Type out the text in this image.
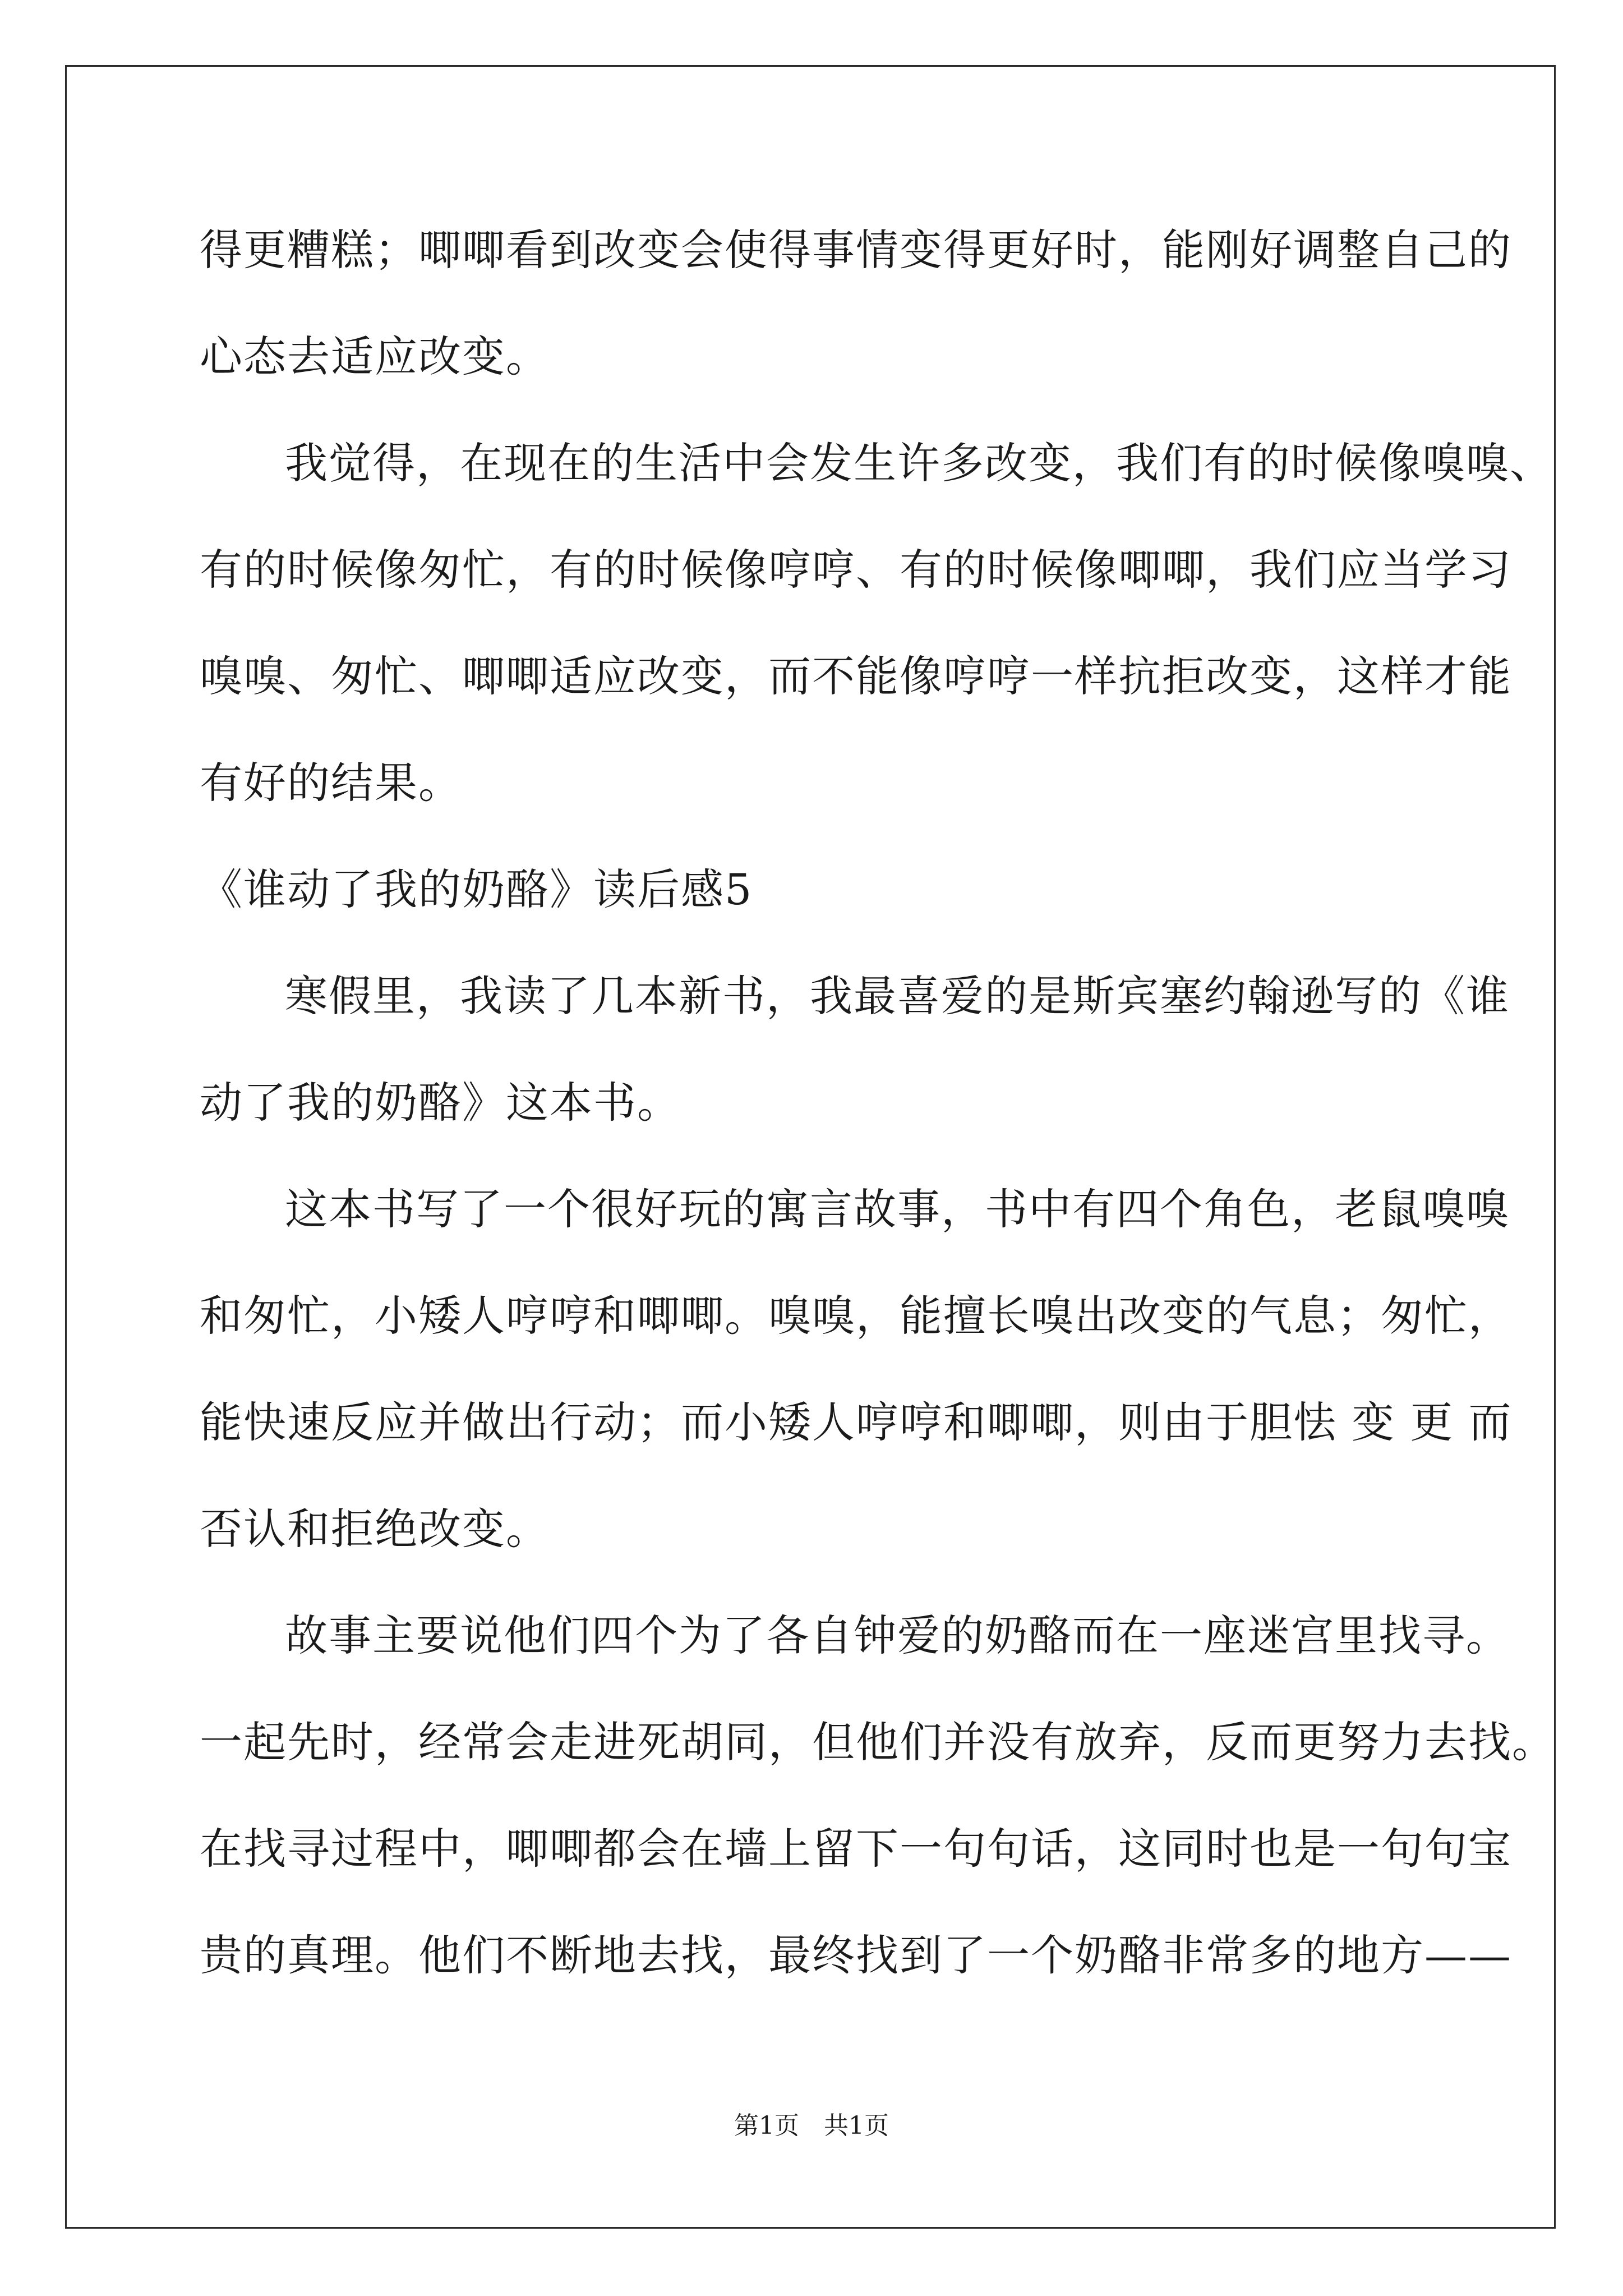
得更糟糕；唧唧看到改变会使得事情变得更好时，能刚好调整自己的
心态去适应改变。
我觉得，在现在的生活中会发生许多改变，我们有的时候像嗅嗅、
有的时候像匆忙，有的时候像哼哼、有的时候像唧唧，我们应当学习
嗅嗅、匆忙、唧唧适应改变，而不能像哼哼一样抗拒改变，这样才能
有好的结果。
《谁动了我的奶酪》读后感5
寒假里，我读了几本新书，我最喜爱的是斯宾塞约翰逊写的《谁
动了我的奶酪》这本书。
这本书写了一个很好玩的寓言故事，书中有四个角色，老鼠嗅嗅
和匆忙，小矮人哼哼和唧唧。嗅嗅，能擅长嗅出改变的气息；匆忙，
能快速反应并做出行动；而小矮人哼哼和唧唧，则由于胆怯 变 更 而
否认和拒绝改变。
故事主要说他们四个为了各自钟爱的奶酪而在一座迷宫里找寻。
一起先时，经常会走进死胡同，但他们并没有放弃，反而更努力去找。
在找寻过程中，唧唧都会在墙上留下一句句话，这同时也是一句句宝
贵的真理。他们不断地去找，最终找到了一个奶酪非常多的地方——
第1页　共1页
